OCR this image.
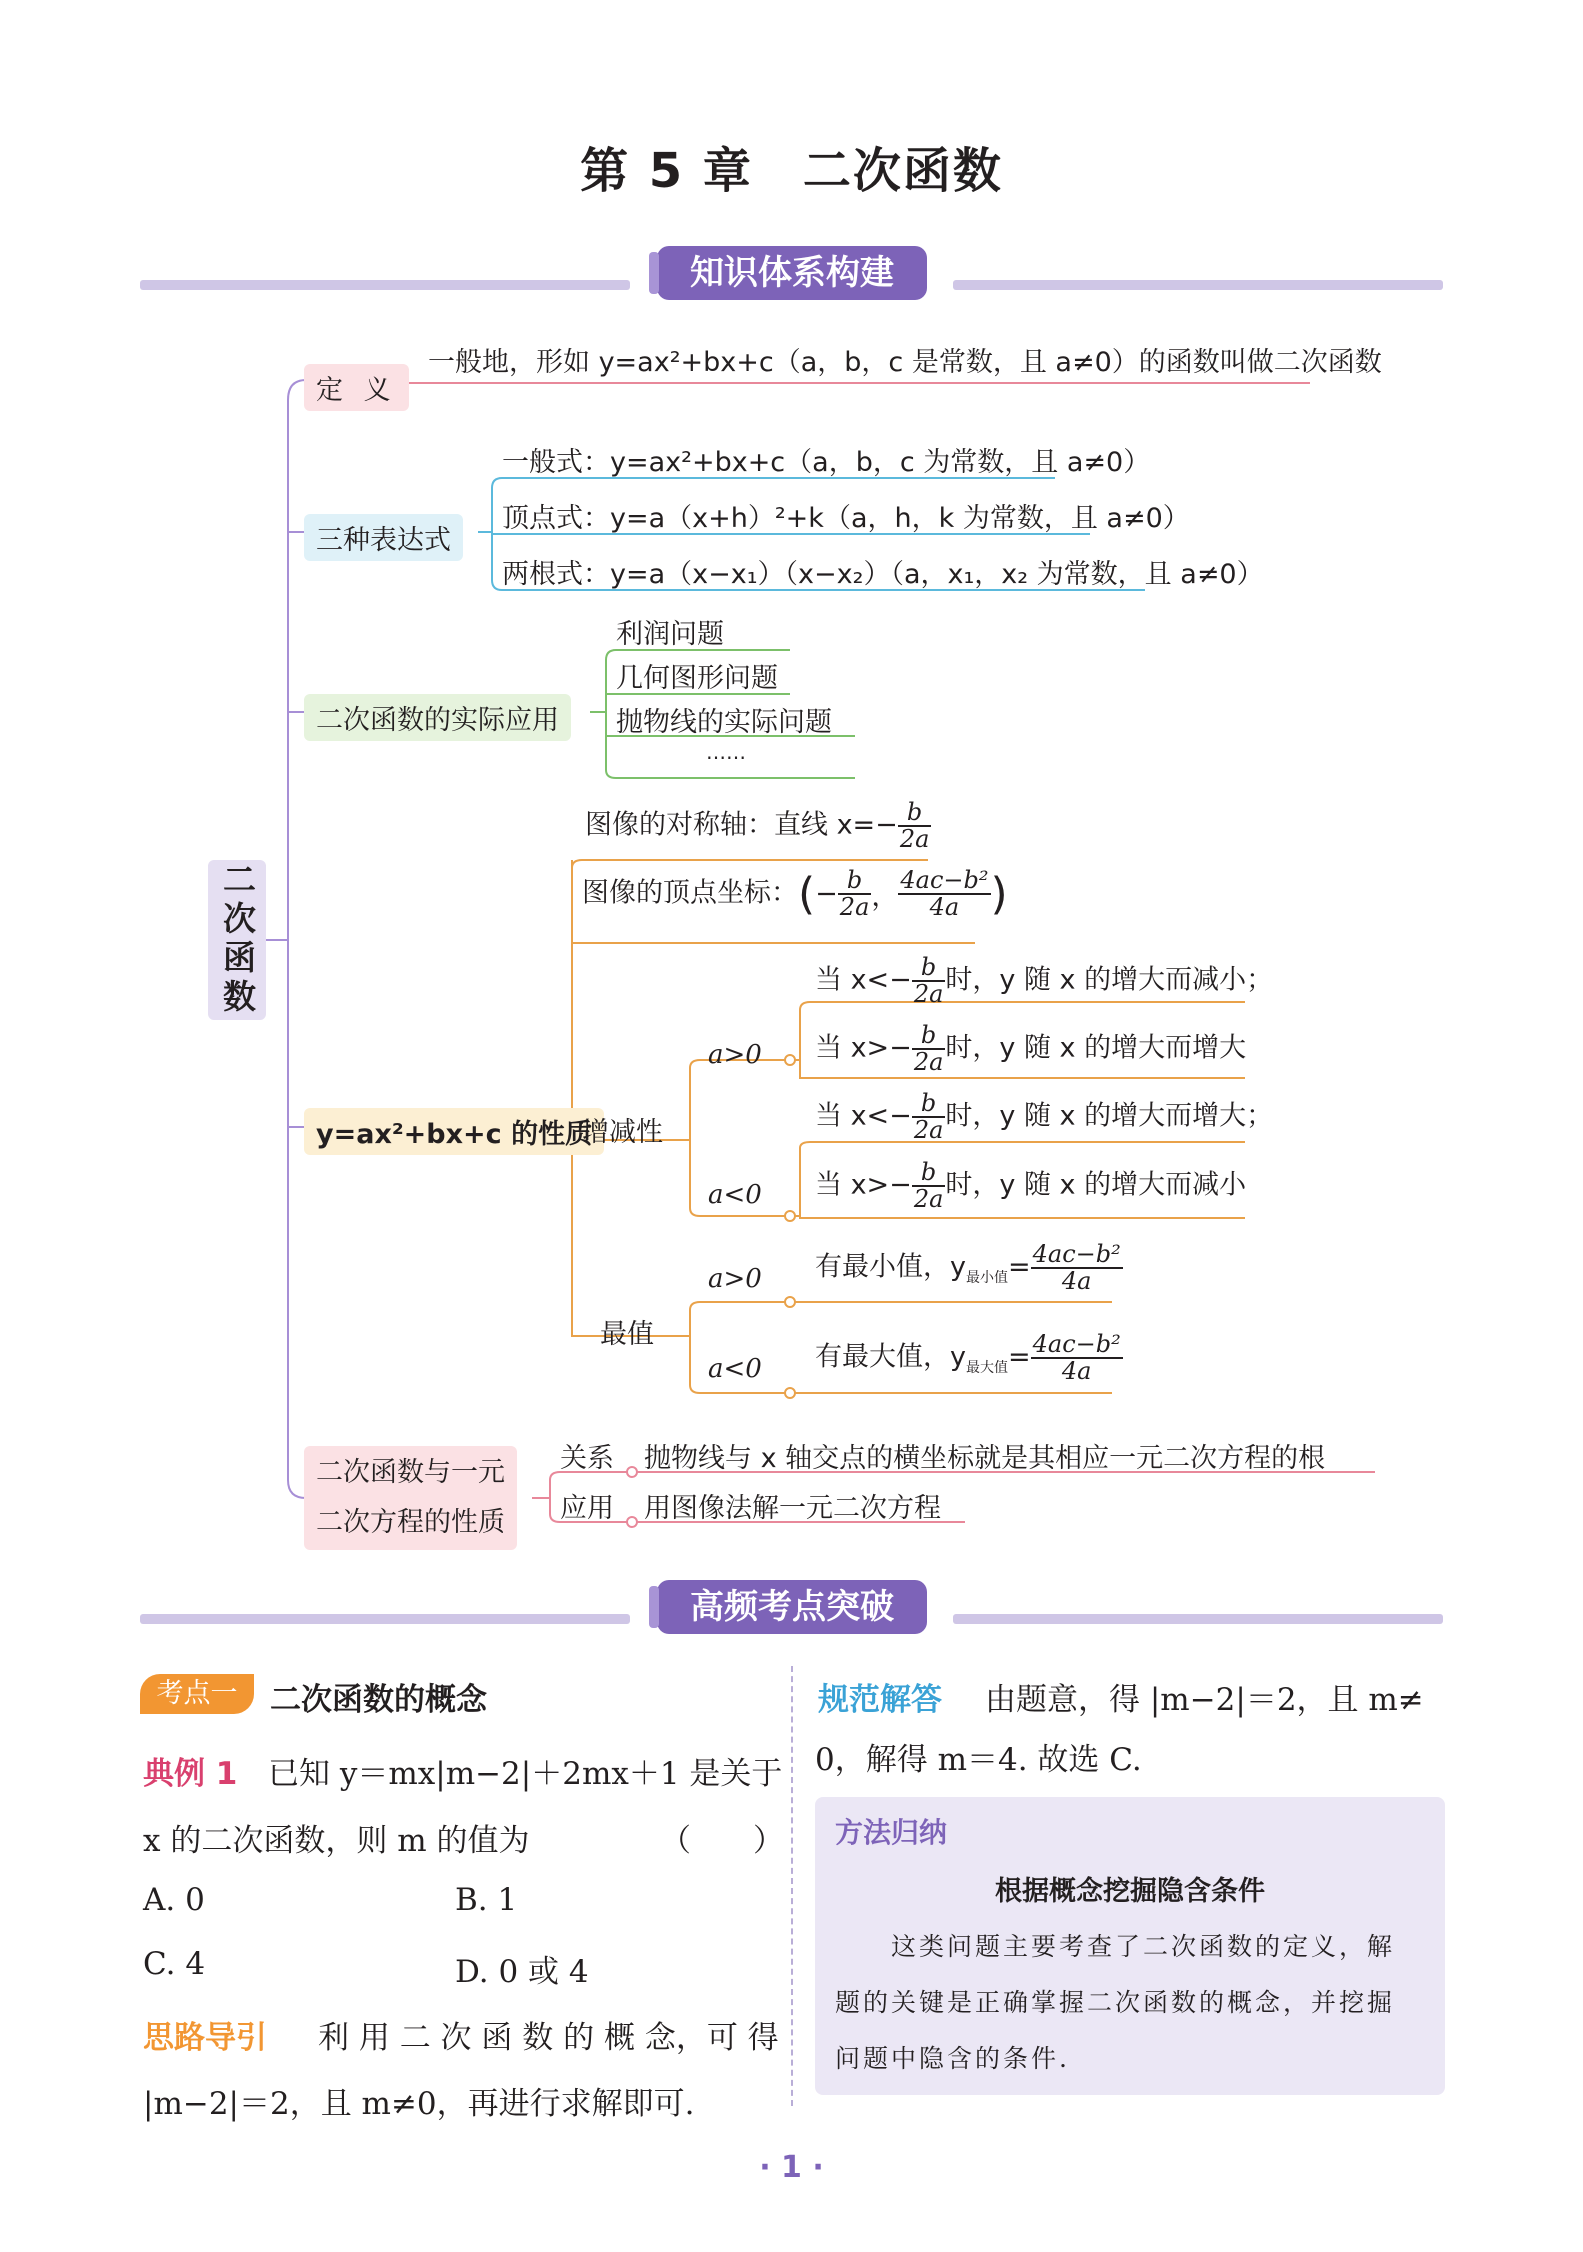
第 5 章　二次函数
知识体系构建
二次函数
定 义
一般地，形如 y=ax²+bx+c（a，b，c 是常数，且 a≠0）的函数叫做二次函数
三种表达式
一般式：y=ax²+bx+c（a，b，c 为常数，且 a≠0）
顶点式：y=a（x+h）²+k（a，h，k 为常数，且 a≠0）
两根式：y=a（x−x₁）（x−x₂）（a，x₁，x₂ 为常数，且 a≠0）
二次函数的实际应用
利润问题
几何图形问题
抛物线的实际问题
……
y=ax²+bx+c 的性质
图像的对称轴：直线 $x=- \frac{b}{2a}$
图像的顶点坐标：(− $\frac{b}{2a}$ ， $\frac{\text{4ac−b²}}{4a}$ )
增减性
a>0
a<0
当 $x<- \frac{b}{2a}$ 时，y 随 x 的增大而减小；
当 $x>- \frac{b}{2a}$ 时，y 随 x 的增大而增大
当 $x<- \frac{b}{2a}$ 时，y 随 x 的增大而增大；
当 $x>- \frac{b}{2a}$ 时，y 随 x 的增大而减小
最值
a>0
a<0
有最小值，$y_{最小值}= \frac{\text{4ac−b²}}{4a}$
有最大值，$y_{最大值}= \frac{\text{4ac−b²}}{4a}$
二次函数与一元
二次方程的性质
关系 抛物线与 x 轴交点的横坐标就是其相应一元二次方程的根
应用 用图像法解一元二次方程
高频考点突破
考点一	二次函数的概念
典例 1 已知 y＝mx|m−2|＋2mx＋1 是关于
x 的二次函数，则 m 的值为	（　　）
A. 0	B. 1
C. 4	D. 0 或 4
思路导引 利 用 二 次 函 数 的 概 念，可 得
|m−2|＝2，且 m≠0，再进行求解即可.
规范解答 由题意，得 |m−2|＝2，且 m≠
0，解得 m＝4. 故选 C.
方法归纳
根据概念挖掘隐含条件
这类问题主要考查了二次函数的定义，解
题的关键是正确掌握二次函数的概念，并挖掘
问题中隐含的条件.
· 1 ·
